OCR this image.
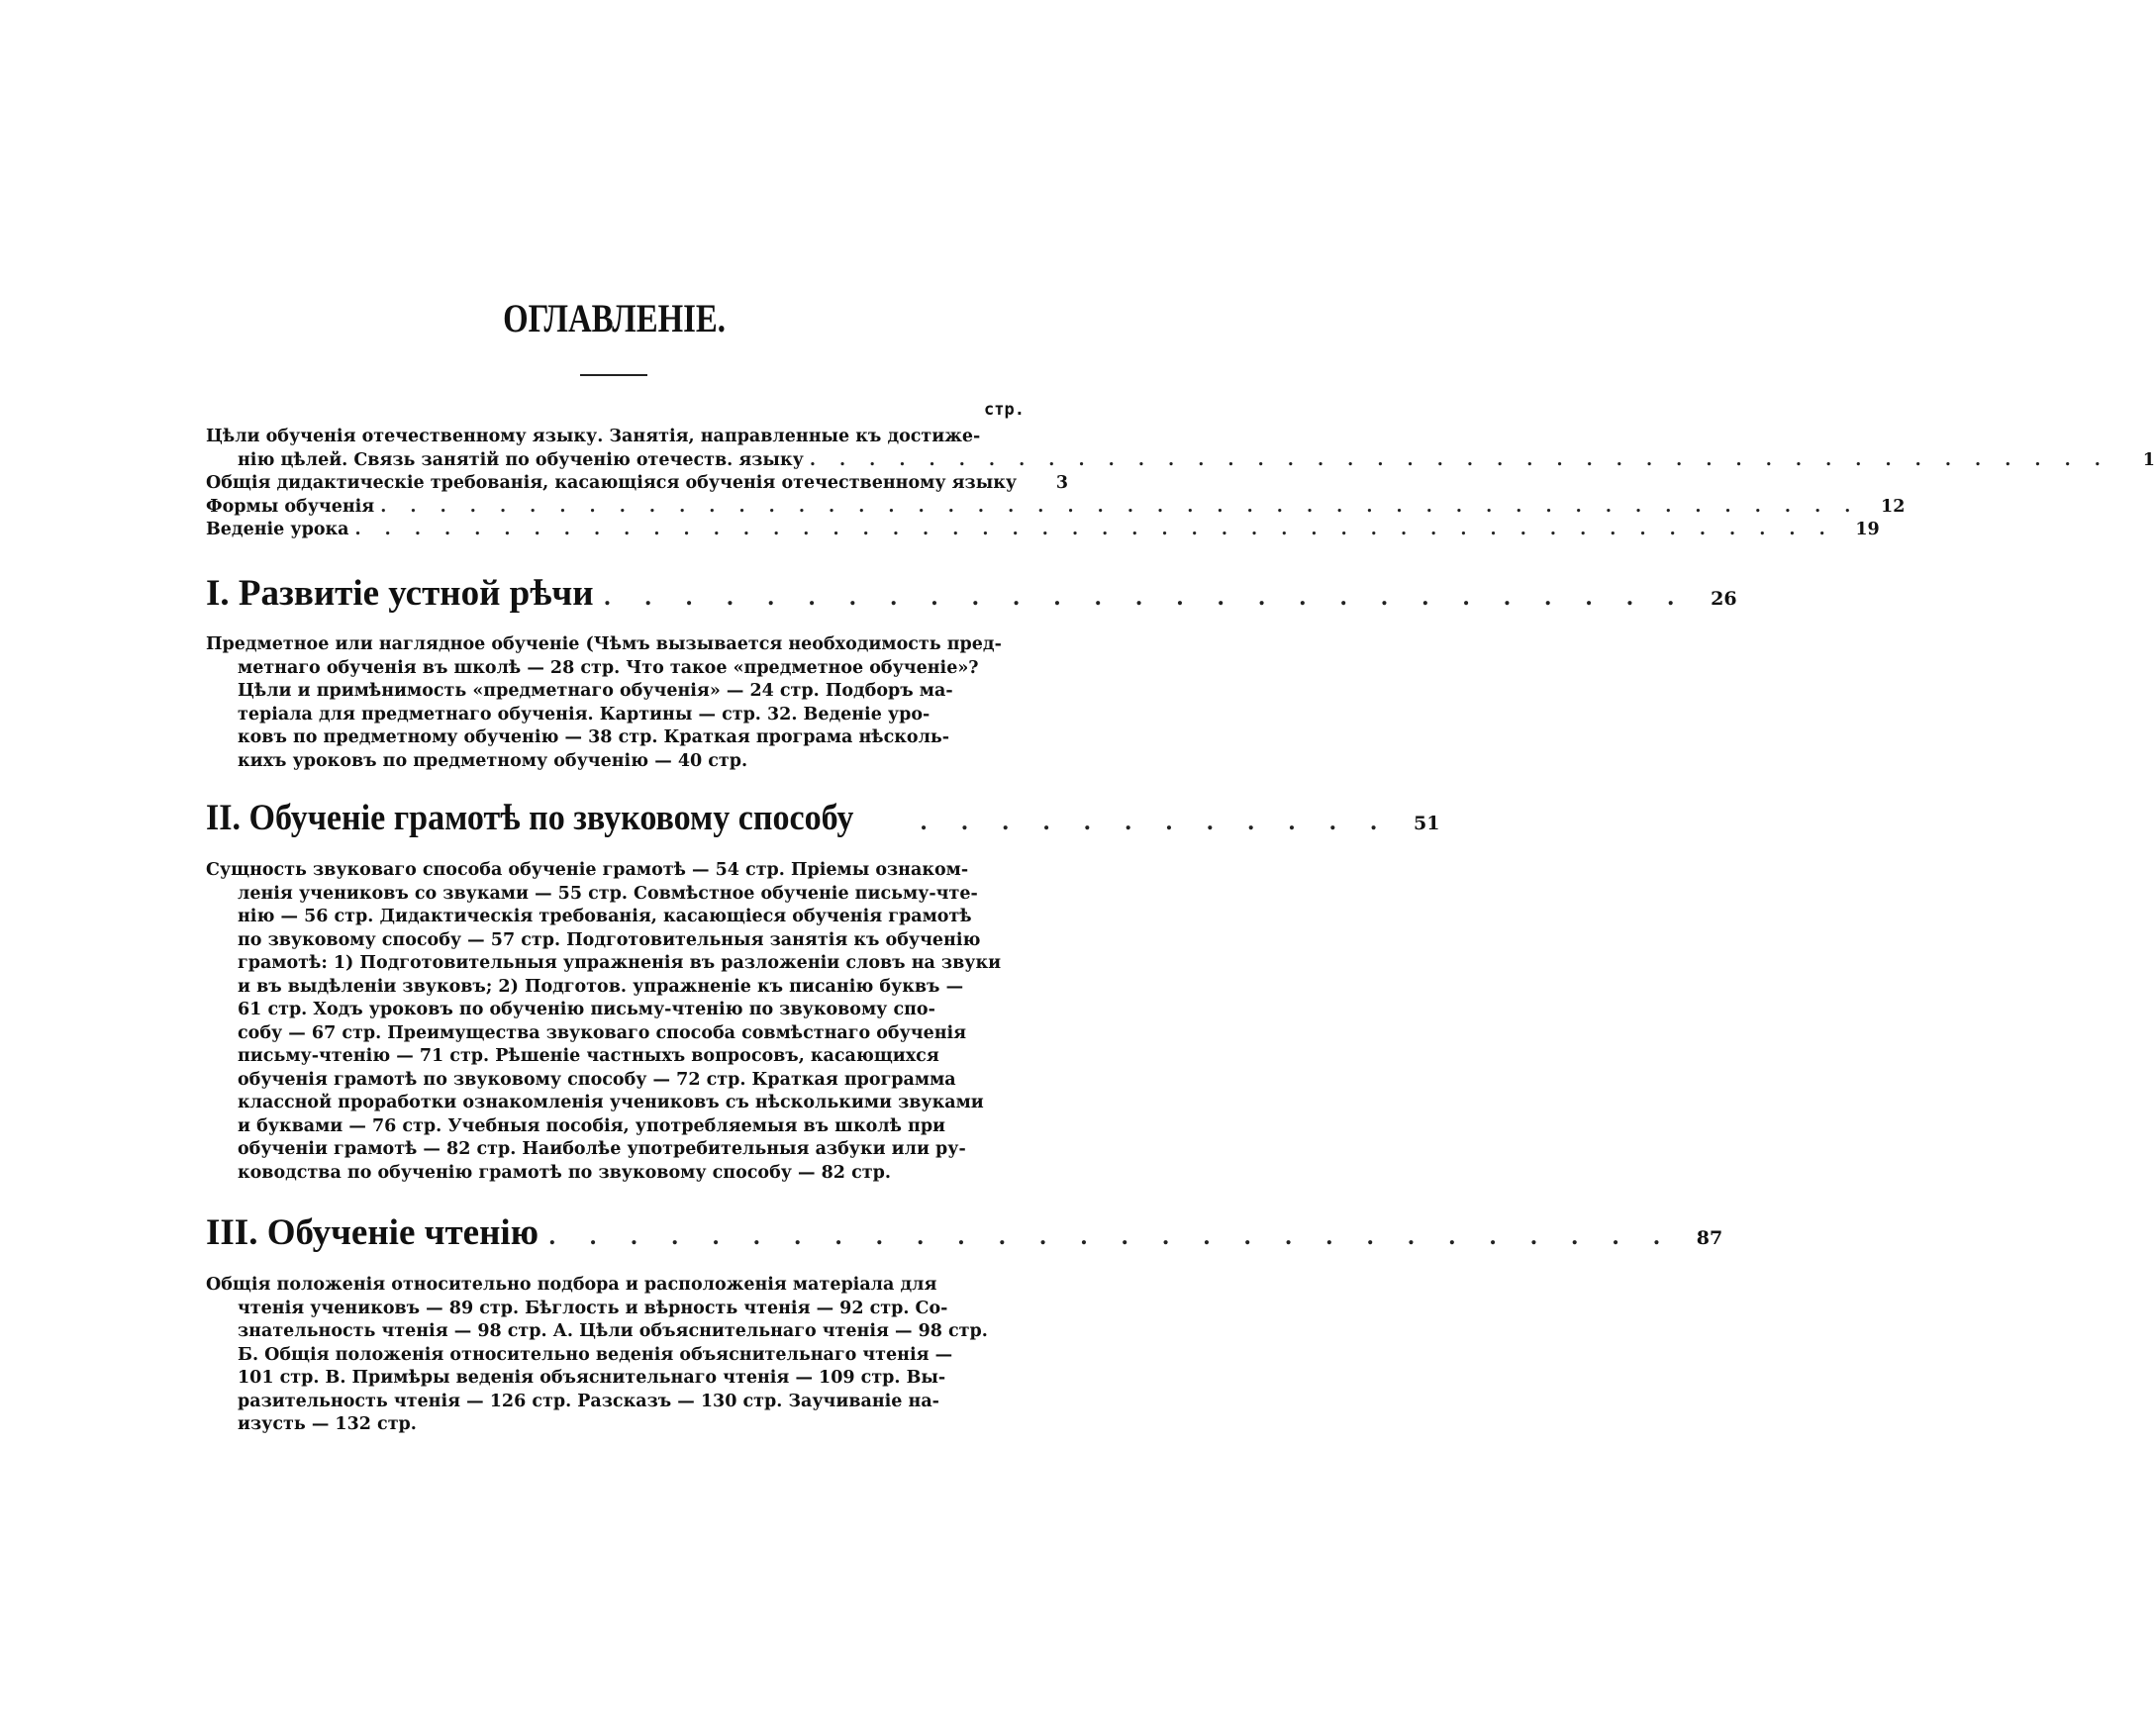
ОГЛАВЛЕНІЕ.
стр.
Цѣли обученія отечественному языку. Занятія, направленные къ достиже-
нію цѣлей. Связь занятій по обученію отечеств. языку . . . . . . . . . . . . . . . . . . . . . . . . . . . . . . . . . . . . . . . . . . . .	1
Общія дидактическіе требованія, касающіяся обученія отечественному языку	3
Формы обученія . . . . . . . . . . . . . . . . . . . . . . . . . . . . . . . . . . . . . . . . . . . . . . . . . .	12
Веденіе урока . . . . . . . . . . . . . . . . . . . . . . . . . . . . . . . . . . . . . . . . . . . . . . . . . .	19
I. Развитіе устной рѣчи . . . . . . . . . . . . . . . . . . . . . . . . . . .	26
Предметное или наглядное обученіе (Чѣмъ вызывается необходимость пред-
метнаго обученія въ школѣ — 28 стр. Что такое «предметное обученіе»?
Цѣли и примѣнимость «предметнаго обученія» — 24 стр. Подборъ ма-
теріала для предметнаго обученія. Картины — стр. 32. Веденіе уро-
ковъ по предметному обученію — 38 стр. Краткая програма нѣсколь-
кихъ уроковъ по предметному обученію — 40 стр.
II. Обученіе грамотѣ по звуковому способу	. . . . . . . . . . . .	51
Сущность звуковаго способа обученіе грамотѣ — 54 стр. Пріемы ознаком-
ленія учениковъ со звуками — 55 стр. Совмѣстное обученіе письму-чте-
нію — 56 стр. Дидактическія требованія, касающіеся обученія грамотѣ
по звуковому способу — 57 стр. Подготовительныя занятія къ обученію
грамотѣ: 1) Подготовительныя упражненія въ разложеніи словъ на звуки
и въ выдѣленіи звуковъ; 2) Подготов. упражненіе къ писанію буквъ —
61 стр. Ходъ уроковъ по обученію письму-чтенію по звуковому спо-
собу — 67 стр. Преимущества звуковаго способа совмѣстнаго обученія
письму-чтенію — 71 стр. Рѣшеніе частныхъ вопросовъ, касающихся
обученія грамотѣ по звуковому способу — 72 стр. Краткая программа
классной проработки ознакомленія учениковъ съ нѣсколькими звуками
и буквами — 76 стр. Учебныя пособія, употребляемыя въ школѣ при
обученіи грамотѣ — 82 стр. Наиболѣе употребительныя азбуки или ру-
ководства по обученію грамотѣ по звуковому способу — 82 стр.
III. Обученіе чтенію . . . . . . . . . . . . . . . . . . . . . . . . . . . .	87
Общія положенія относительно подбора и расположенія матеріала для
чтенія учениковъ — 89 стр. Бѣглость и вѣрность чтенія — 92 стр. Со-
знательность чтенія — 98 стр. А. Цѣли объяснительнаго чтенія — 98 стр.
Б. Общія положенія относительно веденія объяснительнаго чтенія —
101 стр. В. Примѣры веденія объяснительнаго чтенія — 109 стр. Вы-
разительность чтенія — 126 стр. Разсказъ — 130 стр. Заучиваніе на-
изусть — 132 стр.
